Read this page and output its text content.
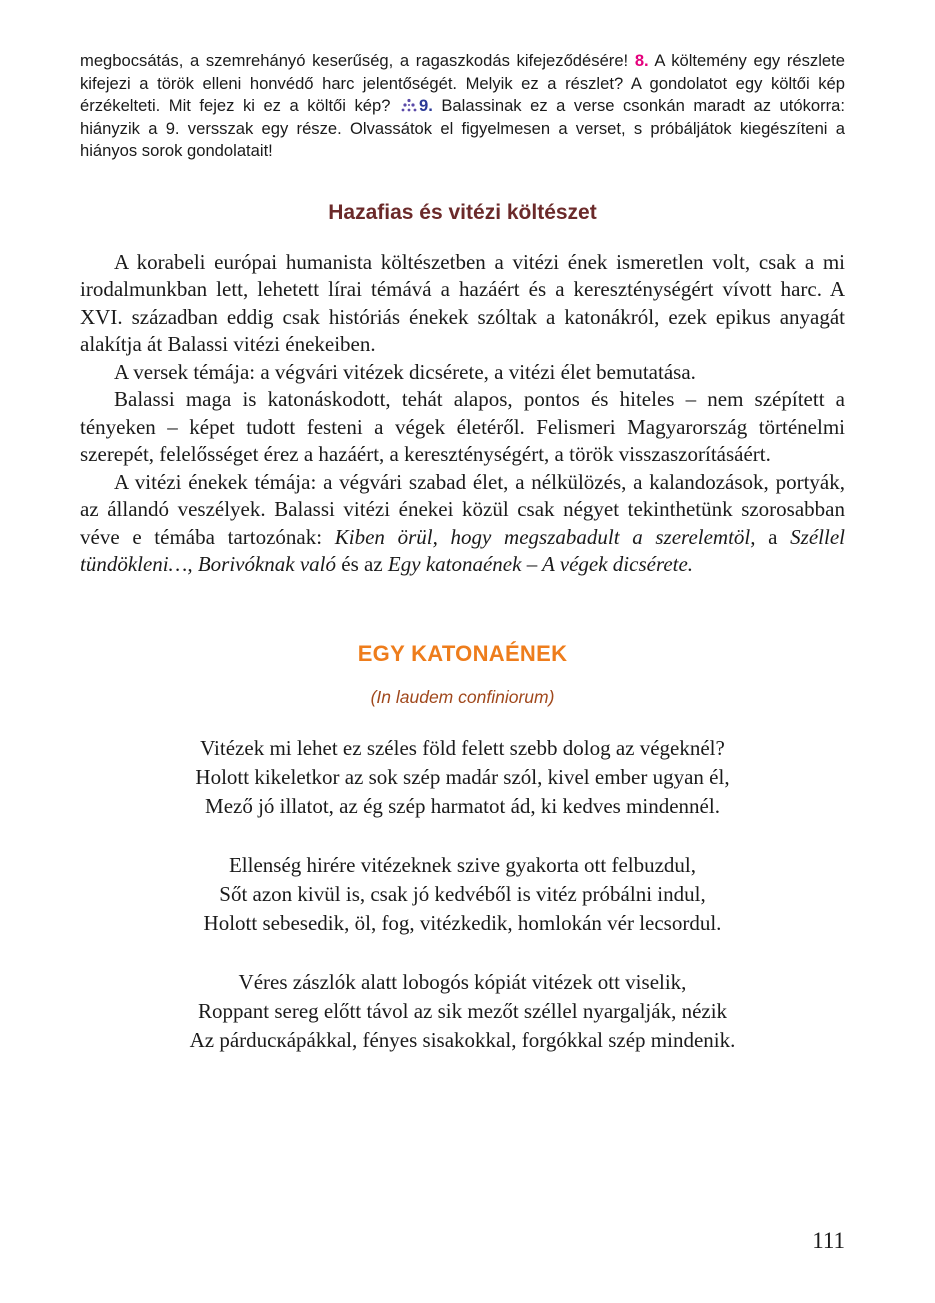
megbocsátás, a szemrehányó keserűség, a ragaszkodás kifejeződésére! 8. A költemény egy részlete kifejezi a török elleni honvédő harc jelentőségét. Melyik ez a részlet? A gondolatot egy költői kép érzékelteti. Mit fejez ki ez a költői kép? 9. Balassinak ez a verse csonkán maradt az utókorra: hiányzik a 9. versszak egy része. Olvassátok el figyelmesen a verset, s próbáljátok kiegészíteni a hiányos sorok gondolatait!

Hazafias és vitézi költészet

A korabeli európai humanista költészetben a vitézi ének ismeretlen volt, csak a mi irodalmunkban lett, lehetett lírai témává a hazáért és a kereszténységért vívott harc. A XVI. században eddig csak históriás énekek szóltak a katonákról, ezek epikus anyagát alakítja át Balassi vitézi énekeiben.

A versek témája: a végvári vitézek dicsérete, a vitézi élet bemutatása.

Balassi maga is katonáskodott, tehát alapos, pontos és hiteles – nem szépített a tényeken – képet tudott festeni a végek életéről. Felismeri Magyarország történelmi szerepét, felelősséget érez a hazáért, a kereszténységért, a török visszaszorításáért.

A vitézi énekek témája: a végvári szabad élet, a nélkülözés, a kalandozások, portyák, az állandó veszélyek. Balassi vitézi énekei közül csak négyet tekinthetünk szorosabban véve e témába tartozónak: Kiben örül, hogy megszabadult a szerelemtöl, a Széllel tündökleni…, Borivóknak való és az Egy katonaének – A végek dicsérete.

EGY KATONAÉNEK
(In laudem confiniorum)
Vitézek mi lehet ez széles föld felett szebb dolog az végeknél?
Holott kikeletkor az sok szép madár szól, kivel ember ugyan él,
Mező jó illatot, az ég szép harmatot ád, ki kedves mindennél.
Ellenség hirére vitézeknek szive gyakorta ott felbuzdul,
Sőt azon kivül is, csak jó kedvéből is vitéz próbálni indul,
Holott sebesedik, öl, fog, vitézkedik, homlokán vér lecsordul.
Véres zászlók alatt lobogós kópiát vitézek ott viselik,
Roppant sereg előtt távol az sik mezőt széllel nyargalják, nézik
Az párducкápákkal, fényes sisakokkal, forgókkal szép mindenik.
111
